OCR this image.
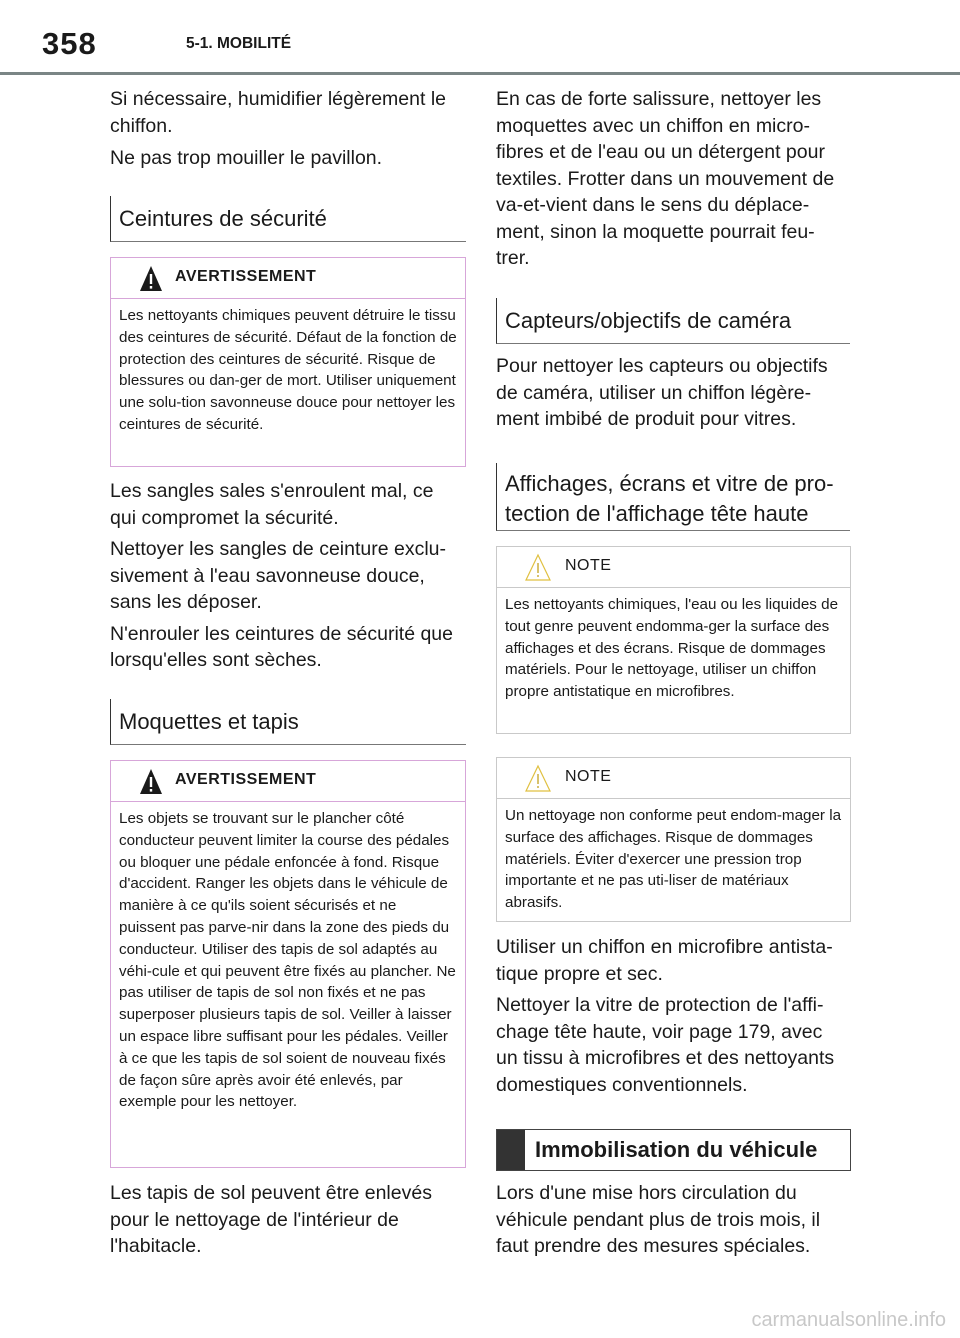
358	5-1. MOBILITÉ

Si nécessaire, humidifier légèrement le chiffon.

Ne pas trop mouiller le pavillon.

Ceintures de sécurité
AVERTISSEMENT
Les nettoyants chimiques peuvent détruire le tissu des ceintures de sécurité. Défaut de la fonction de protection des ceintures de sécurité. Risque de blessures ou dan-ger de mort. Utiliser uniquement une solu-tion savonneuse douce pour nettoyer les ceintures de sécurité.

Les sangles sales s'enroulent mal, ce qui compromet la sécurité.

Nettoyer les sangles de ceinture exclu-sivement à l'eau savonneuse douce, sans les déposer.

N'enrouler les ceintures de sécurité que lorsqu'elles sont sèches.

Moquettes et tapis
AVERTISSEMENT
Les objets se trouvant sur le plancher côté conducteur peuvent limiter la course des pédales ou bloquer une pédale enfoncée à fond. Risque d'accident. Ranger les objets dans le véhicule de manière à ce qu'ils soient sécurisés et ne puissent pas parve-nir dans la zone des pieds du conducteur. Utiliser des tapis de sol adaptés au véhi-cule et qui peuvent être fixés au plancher. Ne pas utiliser de tapis de sol non fixés et ne pas superposer plusieurs tapis de sol. Veiller à laisser un espace libre suffisant pour les pédales. Veiller à ce que les tapis de sol soient de nouveau fixés de façon sûre après avoir été enlevés, par exemple pour les nettoyer.

Les tapis de sol peuvent être enlevés pour le nettoyage de l'intérieur de l'habitacle.

En cas de forte salissure, nettoyer les moquettes avec un chiffon en micro-fibres et de l'eau ou un détergent pour textiles. Frotter dans un mouvement de va-et-vient dans le sens du déplace-ment, sinon la moquette pourrait feu-trer.

Capteurs/objectifs de caméra

Pour nettoyer les capteurs ou objectifs de caméra, utiliser un chiffon légère-ment imbibé de produit pour vitres.

Affichages, écrans et vitre de pro-tection de l'affichage tête haute
NOTE
Les nettoyants chimiques, l'eau ou les liquides de tout genre peuvent endomma-ger la surface des affichages et des écrans. Risque de dommages matériels. Pour le nettoyage, utiliser un chiffon propre antistatique en microfibres.
NOTE
Un nettoyage non conforme peut endom-mager la surface des affichages. Risque de dommages matériels. Éviter d'exercer une pression trop importante et ne pas uti-liser de matériaux abrasifs.

Utiliser un chiffon en microfibre antista-tique propre et sec.

Nettoyer la vitre de protection de l'affi-chage tête haute, voir page 179, avec un tissu à microfibres et des nettoyants domestiques conventionnels.

Immobilisation du véhicule

Lors d'une mise hors circulation du véhicule pendant plus de trois mois, il faut prendre des mesures spéciales.

carmanualsonline.info
